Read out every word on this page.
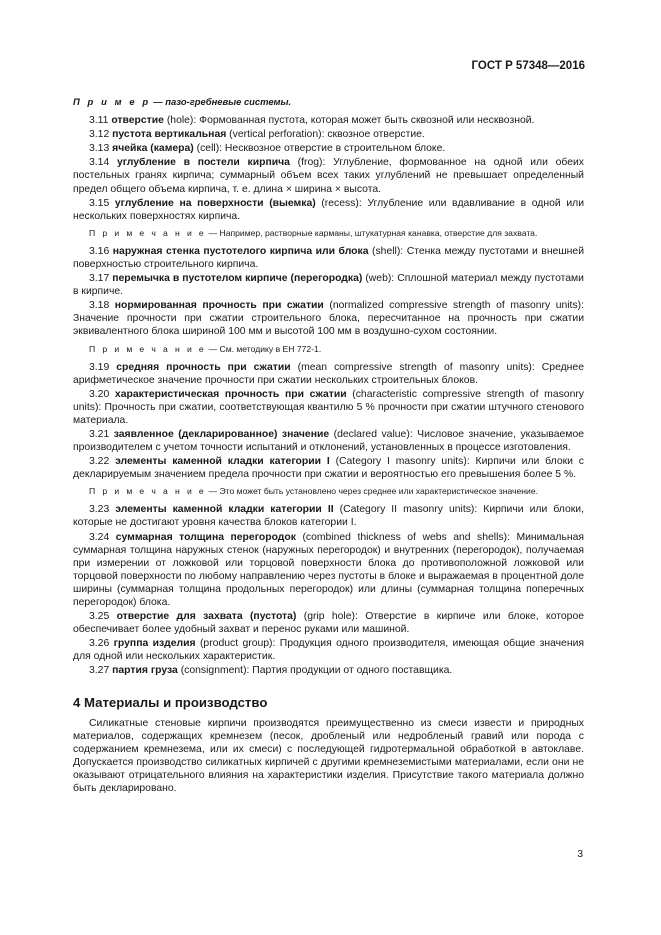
ГОСТ Р 57348—2016

П р и м е р — пазо-гребневые системы.

3.11 отверстие (hole): Формованная пустота, которая может быть сквозной или несквозной.

3.12 пустота вертикальная (vertical perforation): сквозное отверстие.

3.13 ячейка (камера) (cell): Несквозное отверстие в строительном блоке.

3.14 углубление в постели кирпича (frog): Углубление, формованное на одной или обеих постельных гранях кирпича; суммарный объем всех таких углублений не превышает определенный предел общего объема кирпича, т. е. длина × ширина × высота.

3.15 углубление на поверхности (выемка) (recess): Углубление или вдавливание в одной или нескольких поверхностях кирпича.

П р и м е ч а н и е — Например, растворные карманы, штукатурная канавка, отверстие для захвата.

3.16 наружная стенка пустотелого кирпича или блока (shell): Стенка между пустотами и внешней поверхностью строительного кирпича.

3.17 перемычка в пустотелом кирпиче (перегородка) (web): Сплошной материал между пустотами в кирпиче.

3.18 нормированная прочность при сжатии (normalized compressive strength of masonry units): Значение прочности при сжатии строительного блока, пересчитанное на прочность при сжатии эквивалентного блока шириной 100 мм и высотой 100 мм в воздушно-сухом состоянии.

П р и м е ч а н и е — См. методику в ЕН 772-1.

3.19 средняя прочность при сжатии (mean compressive strength of masonry units): Среднее арифметическое значение прочности при сжатии нескольких строительных блоков.

3.20 характеристическая прочность при сжатии (characteristic compressive strength of masonry units): Прочность при сжатии, соответствующая квантилю 5 % прочности при сжатии штучного стенового материала.

3.21 заявленное (декларированное) значение (declared value): Числовое значение, указываемое производителем с учетом точности испытаний и отклонений, установленных в процессе изготовления.

3.22 элементы каменной кладки категории I (Category I masonry units): Кирпичи или блоки с декларируемым значением предела прочности при сжатии и вероятностью его превышения более 5 %.

П р и м е ч а н и е — Это может быть установлено через среднее или характеристическое значение.

3.23 элементы каменной кладки категории II (Category II masonry units): Кирпичи или блоки, которые не достигают уровня качества блоков категории I.

3.24 суммарная толщина перегородок (combined thickness of webs and shells): Минимальная суммарная толщина наружных стенок (наружных перегородок) и внутренних (перегородок), получаемая при измерении от ложковой или торцовой поверхности блока до противоположной ложковой или торцовой поверхности по любому направлению через пустоты в блоке и выражаемая в процентной доле ширины (суммарная толщина продольных перегородок) или длины (суммарная толщина поперечных перегородок) блока.

3.25 отверстие для захвата (пустота) (grip hole): Отверстие в кирпиче или блоке, которое обеспечивает более удобный захват и перенос руками или машиной.

3.26 группа изделия (product group): Продукция одного производителя, имеющая общие значения для одной или нескольких характеристик.

3.27 партия груза (consignment): Партия продукции от одного поставщика.

4 Материалы и производство

Силикатные стеновые кирпичи производятся преимущественно из смеси извести и природных материалов, содержащих кремнезем (песок, дробленый или недробленый гравий или порода с содержанием кремнезема, или их смеси) с последующей гидротермальной обработкой в автоклаве. Допускается производство силикатных кирпичей с другими кремнеземистыми материалами, если они не оказывают отрицательного влияния на характеристики изделия. Присутствие такого материала должно быть декларировано.

3
